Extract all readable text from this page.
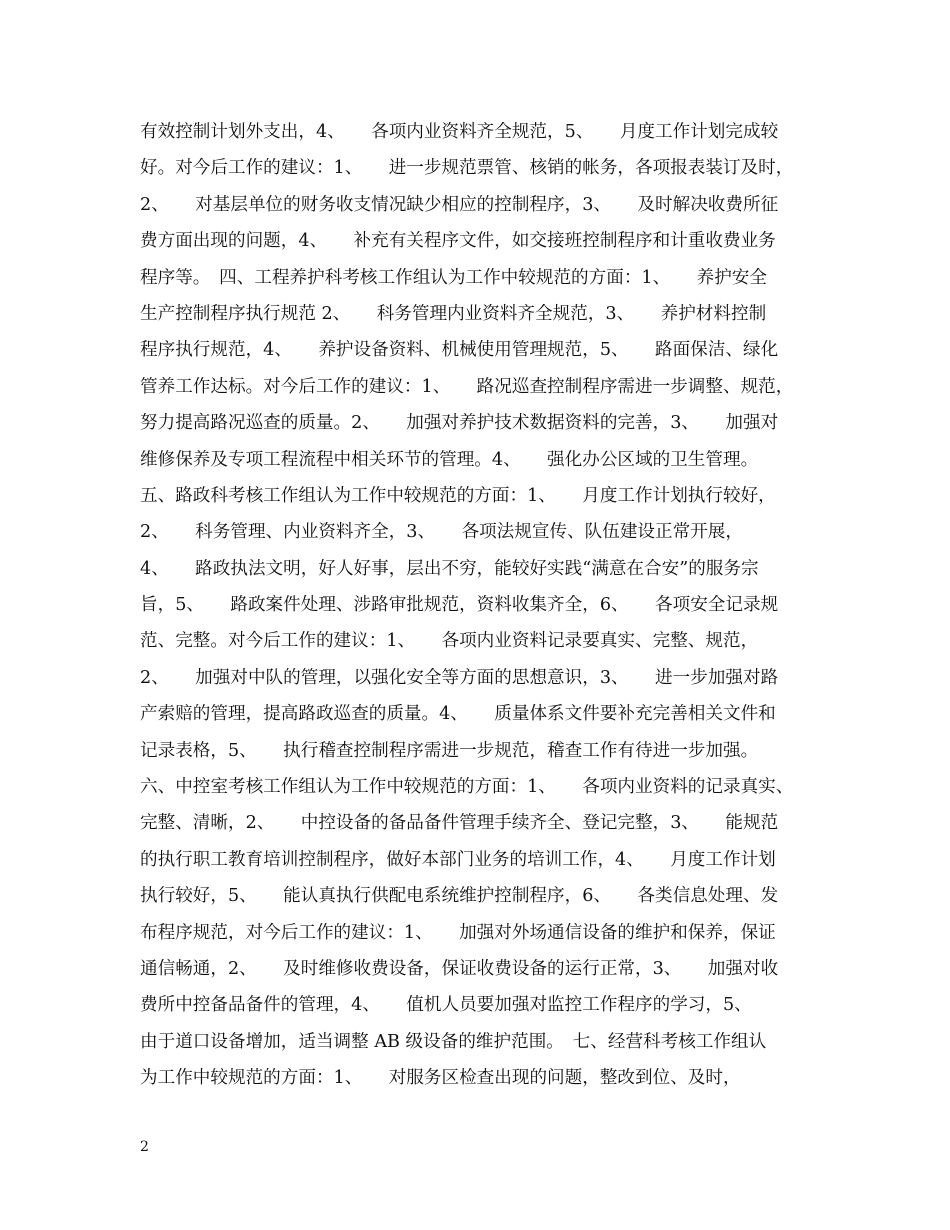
有效控制计划外支出，4、　　各项内业资料齐全规范，5、　　月度工作计划完成较
好。对今后工作的建议：1、　　进一步规范票管、核销的帐务，各项报表装订及时，
2、　　对基层单位的财务收支情况缺少相应的控制程序，3、　　及时解决收费所征
费方面出现的问题，4、　　补充有关程序文件，如交接班控制程序和计重收费业务
程序等。　四、工程养护科考核工作组认为工作中较规范的方面：1、　　养护安全
生产控制程序执行规范 2、　　科务管理内业资料齐全规范，3、　　养护材料控制
程序执行规范，4、　　养护设备资料、机械使用管理规范，5、　　路面保洁、绿化
管养工作达标。对今后工作的建议：1、　　路况巡查控制程序需进一步调整、规范，
努力提高路况巡查的质量。2、　　加强对养护技术数据资料的完善，3、　　加强对
维修保养及专项工程流程中相关环节的管理。4、　　强化办公区域的卫生管理。
五、路政科考核工作组认为工作中较规范的方面：1、　　月度工作计划执行较好，
2、　　科务管理、内业资料齐全，3、　　各项法规宣传、队伍建设正常开展，
4、　　路政执法文明，好人好事，层出不穷，能较好实践“满意在合安”的服务宗
旨，5、　　路政案件处理、涉路审批规范，资料收集齐全，6、　　各项安全记录规
范、完整。对今后工作的建议：1、　　各项内业资料记录要真实、完整、规范，
2、　　加强对中队的管理，以强化安全等方面的思想意识，3、　　进一步加强对路
产索赔的管理，提高路政巡查的质量。4、　　质量体系文件要补充完善相关文件和
记录表格，5、　　执行稽查控制程序需进一步规范，稽查工作有待进一步加强。
六、中控室考核工作组认为工作中较规范的方面：1、　　各项内业资料的记录真实、
完整、清晰，2、　　中控设备的备品备件管理手续齐全、登记完整，3、　　能规范
的执行职工教育培训控制程序，做好本部门业务的培训工作，4、　　月度工作计划
执行较好，5、　　能认真执行供配电系统维护控制程序，6、　　各类信息处理、发
布程序规范，对今后工作的建议：1、　　加强对外场通信设备的维护和保养，保证
通信畅通，2、　　及时维修收费设备，保证收费设备的运行正常，3、　　加强对收
费所中控备品备件的管理，4、　　值机人员要加强对监控工作程序的学习，5、
由于道口设备增加，适当调整 AB 级设备的维护范围。　七、经营科考核工作组认
为工作中较规范的方面：1、　　对服务区检查出现的问题，整改到位、及时，
2
